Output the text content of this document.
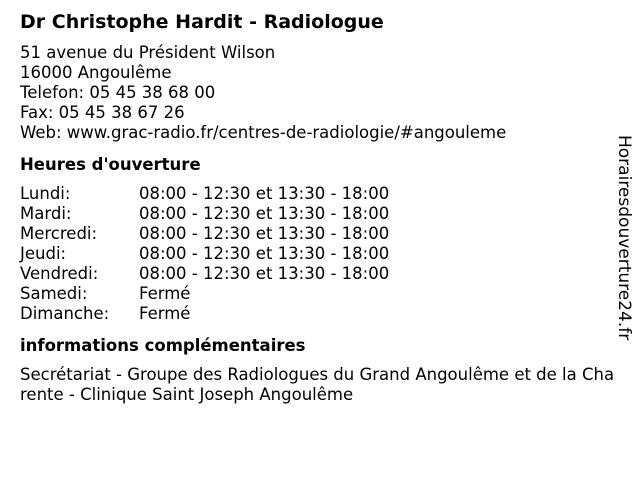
Dr Christophe Hardit - Radiologue
51 avenue du Président Wilson
16000 Angoulême
Telefon: 05 45 38 68 00
Fax: 05 45 38 67 26
Web: www.grac-radio.fr/centres-de-radiologie/#angouleme
Heures d'ouverture
Lundi:	08:00 - 12:30 et 13:30 - 18:00
Mardi:	08:00 - 12:30 et 13:30 - 18:00
Mercredi:	08:00 - 12:30 et 13:30 - 18:00
Jeudi:	08:00 - 12:30 et 13:30 - 18:00
Vendredi:	08:00 - 12:30 et 13:30 - 18:00
Samedi:	Fermé
Dimanche:	Fermé
informations complémentaires
Secrétariat - Groupe des Radiologues du Grand Angoulême et de la Charente - Clinique Saint Joseph Angoulême
Horairesdouverture24.fr
